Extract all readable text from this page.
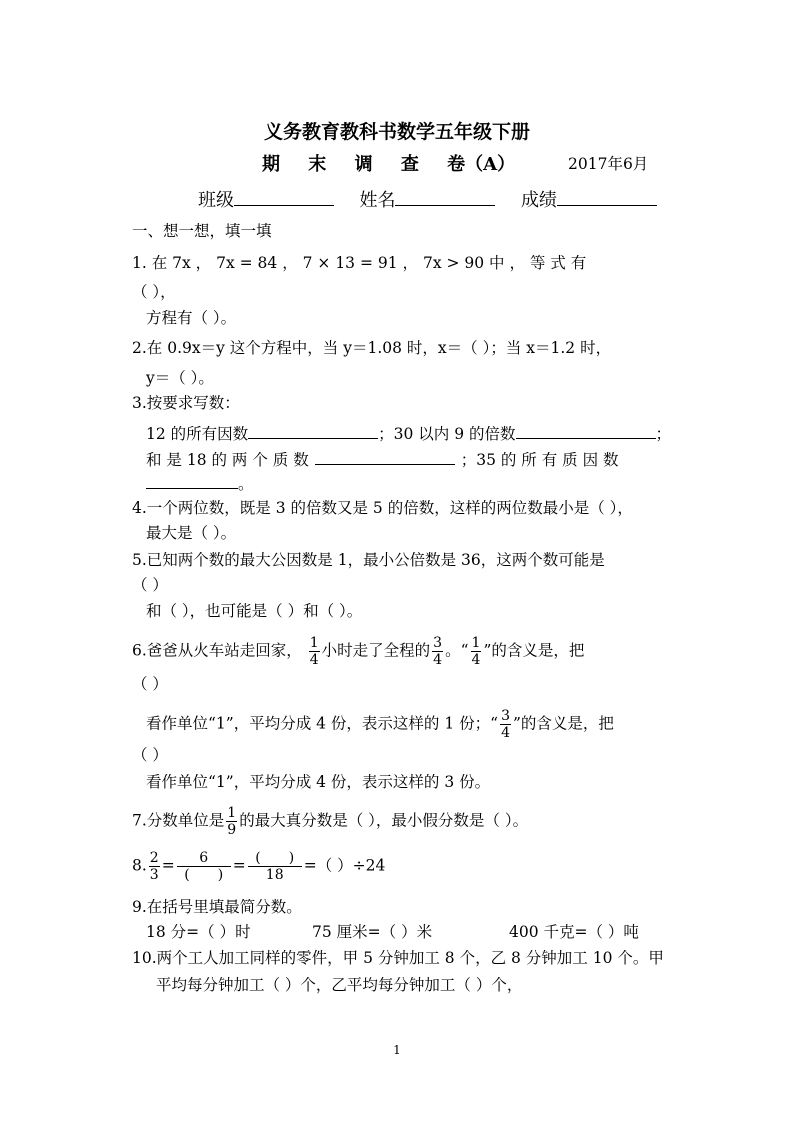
义务教育教科书数学五年级下册
期 末 调 查 卷（A）	2017年6月
班级	姓名	成绩
一、想一想，填一填
1. 在 7x ， 7x = 84 ， 7 × 13 = 91 ， 7x > 90 中 ， 等 式 有
（ ），
方程有（ ）。
2.在 0.9x＝y 这个方程中，当 y＝1.08 时，x＝（ ）；当 x＝1.2 时，
y＝（ ）。
3.按要求写数：
12 的所有因数	；30 以内 9 的倍数	；
和 是 18 的 两 个 质 数	；35 的 所 有 质 因 数
。
4.一个两位数，既是 3 的倍数又是 5 的倍数，这样的两位数最小是（ ），
最大是（ ）。
5.已知两个数的最大公因数是 1，最小公倍数是 36，这两个数可能是
（ ）
和（ ），也可能是（ ）和（ ）。
6.爸爸从火车站走回家， $\frac{1}{4}$ 小时走了全程的 $\frac{3}{4}$ 。“ $\frac{1}{4}$ ”的含义是，把
（ ）
看作单位“1”，平均分成 4 份，表示这样的 1 份；“ $\frac{3}{4}$ ”的含义是，把
（ ）
看作单位“1”，平均分成 4 份，表示这样的 3 份。
7.分数单位是 $\frac{1}{9}$ 的最大真分数是（ ），最小假分数是（ ）。
8. $\frac{2}{3} = \frac{6}{( )} = \frac{( )}{18}$ =（ ）÷24
9.在括号里填最简分数。
18 分=（ ）时	75 厘米=（ ）米	400 千克=（ ）吨
10.两个工人加工同样的零件，甲 5 分钟加工 8 个，乙 8 分钟加工 10 个。甲
平均每分钟加工（ ）个，乙平均每分钟加工（ ）个，
1
